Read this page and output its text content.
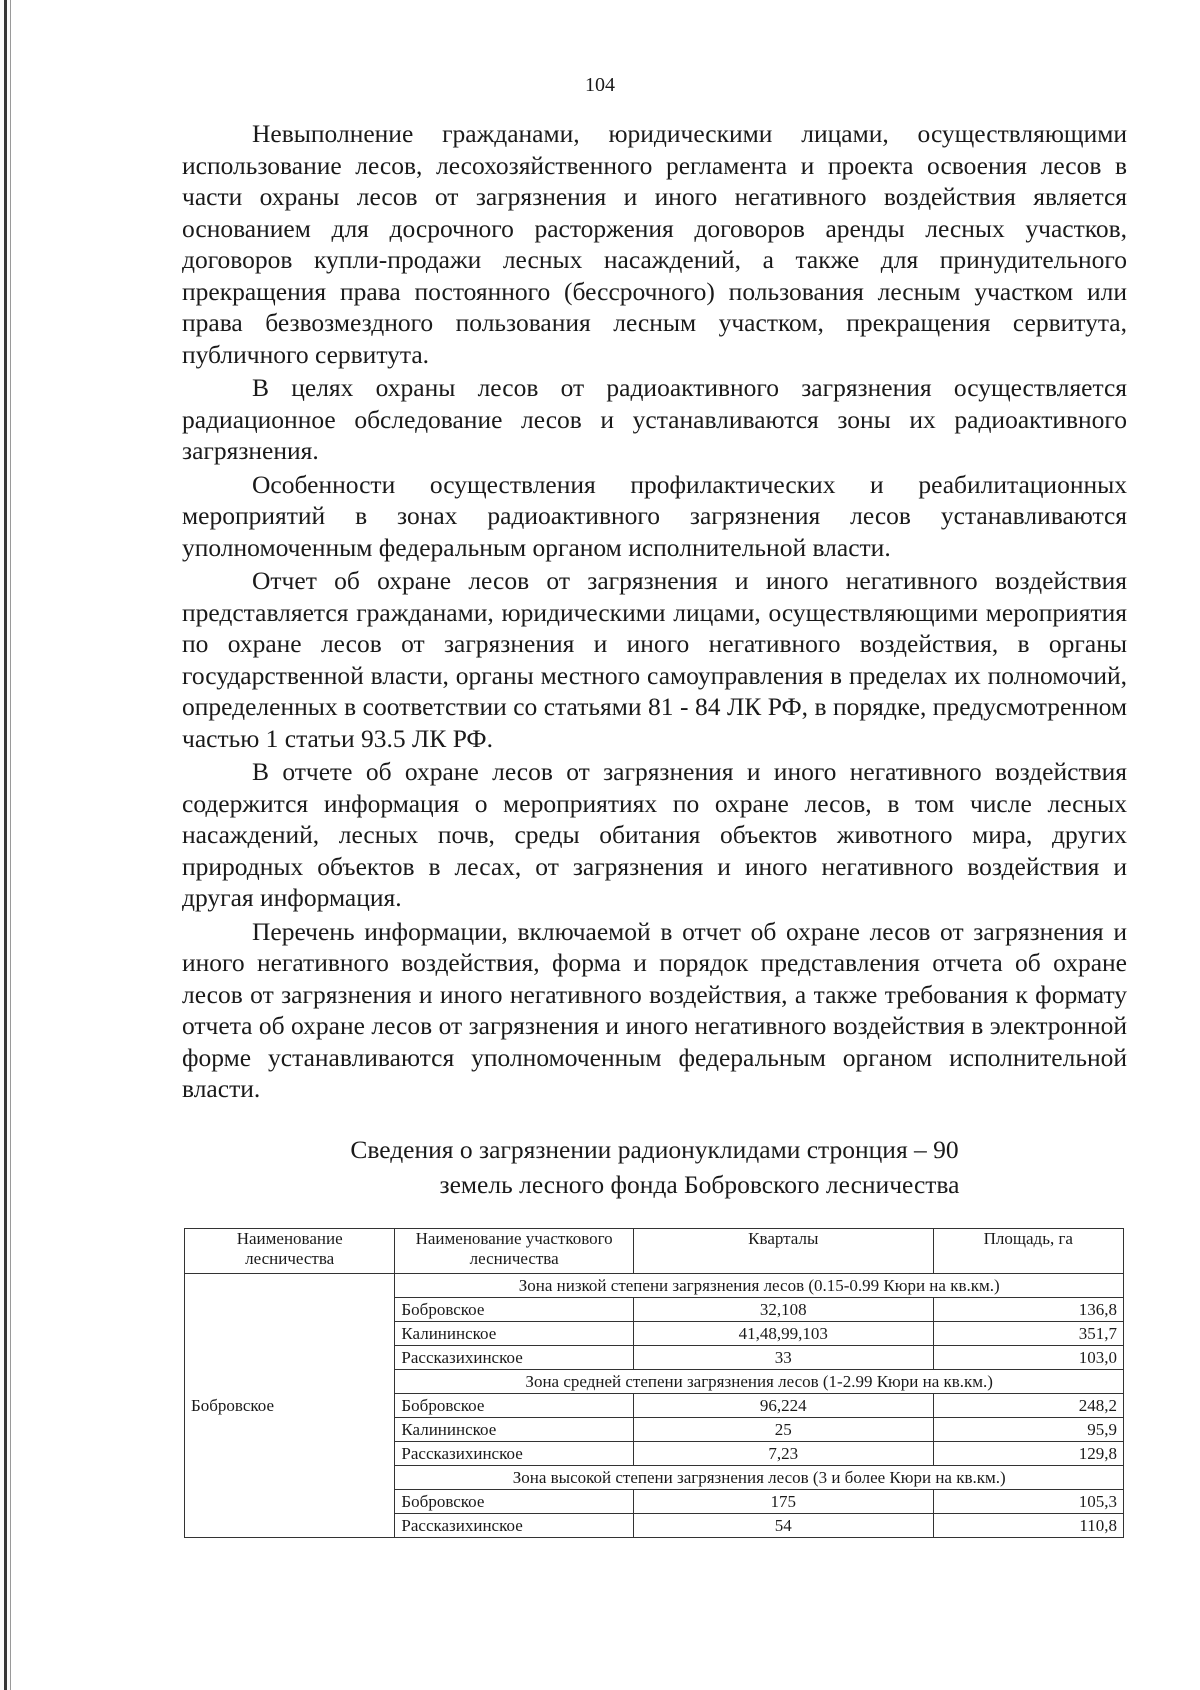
104

Невыполнение гражданами, юридическими лицами, осуществляющими использование лесов, лесохозяйственного регламента и проекта освоения лесов в части охраны лесов от загрязнения и иного негативного воздействия является основанием для досрочного расторжения договоров аренды лесных участков, договоров купли-продажи лесных насаждений, а также для принудительного прекращения права постоянного (бессрочного) пользования лесным участком или права безвозмездного пользования лесным участком, прекращения сервитута, публичного сервитута.

В целях охраны лесов от радиоактивного загрязнения осуществляется радиационное обследование лесов и устанавливаются зоны их радиоактивного загрязнения.

Особенности осуществления профилактических и реабилитационных мероприятий в зонах радиоактивного загрязнения лесов устанавливаются уполномоченным федеральным органом исполнительной власти.

Отчет об охране лесов от загрязнения и иного негативного воздействия представляется гражданами, юридическими лицами, осуществляющими мероприятия по охране лесов от загрязнения и иного негативного воздействия, в органы государственной власти, органы местного самоуправления в пределах их полномочий, определенных в соответствии со статьями 81 - 84 ЛК РФ, в порядке, предусмотренном частью 1 статьи 93.5 ЛК РФ.

В отчете об охране лесов от загрязнения и иного негативного воздействия содержится информация о мероприятиях по охране лесов, в том числе лесных насаждений, лесных почв, среды обитания объектов животного мира, других природных объектов в лесах, от загрязнения и иного негативного воздействия и другая информация.

Перечень информации, включаемой в отчет об охране лесов от загрязнения и иного негативного воздействия, форма и порядок представления отчета об охране лесов от загрязнения и иного негативного воздействия, а также требования к формату отчета об охране лесов от загрязнения и иного негативного воздействия в электронной форме устанавливаются уполномоченным федеральным органом исполнительной власти.

Сведения о загрязнении радионуклидами стронция – 90
земель лесного фонда Бобровского лесничества
Наименование лесничества	Наименование участкового лесничества	Кварталы	Площадь, га
Бобровское	Зона низкой степени загрязнения лесов (0.15-0.99 Кюри на кв.км.)		
	Бобровское	32,108	136,8
	Калининское	41,48,99,103	351,7
	Рассказихинское	33	103,0
	Зона средней степени загрязнения лесов (1-2.99 Кюри на кв.км.)		
	Бобровское	96,224	248,2
	Калининское	25	95,9
	Рассказихинское	7,23	129,8
	Зона высокой степени загрязнения лесов (3 и более Кюри на кв.км.)		
	Бобровское	175	105,3
	Рассказихинское	54	110,8
